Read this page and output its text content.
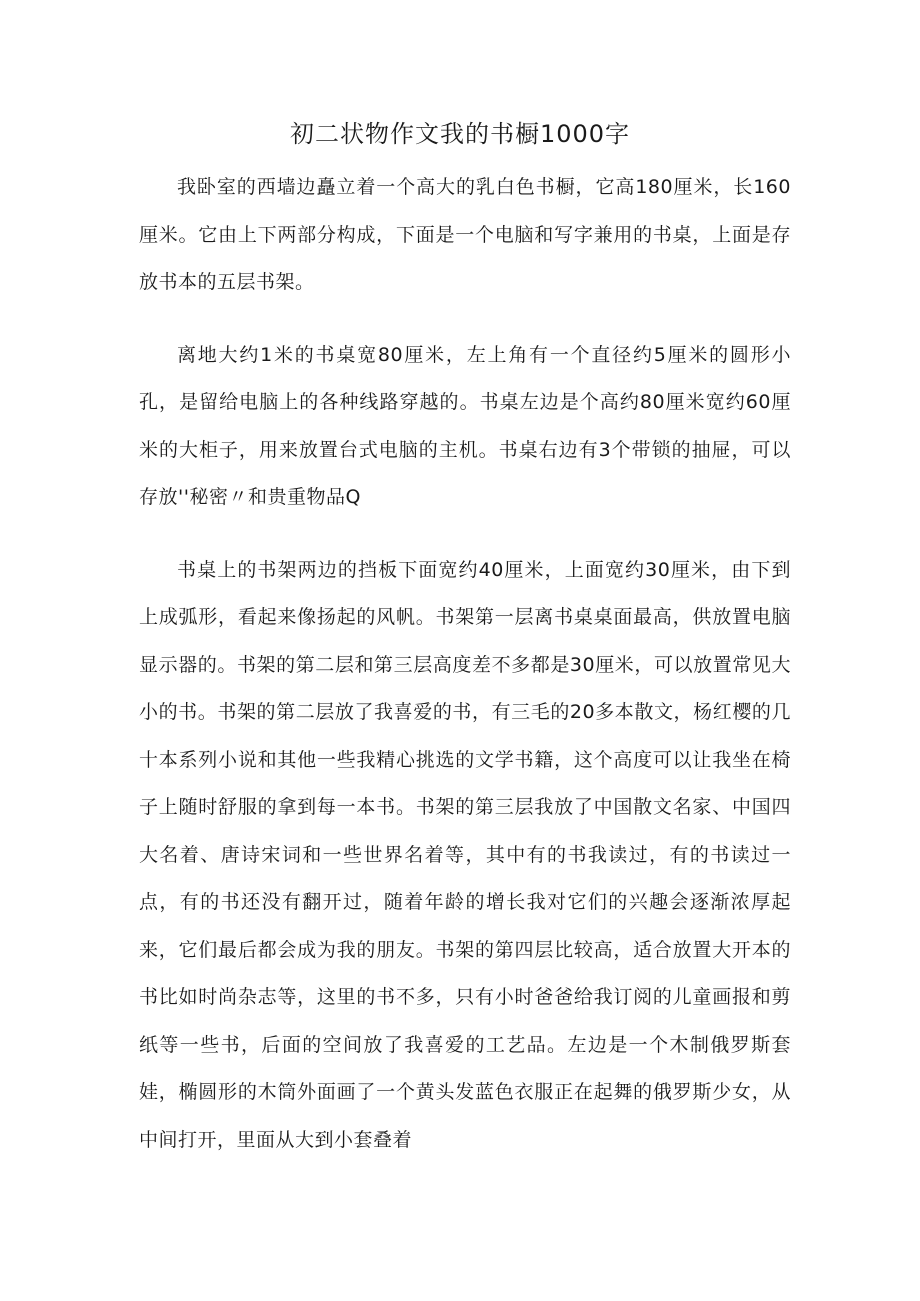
初二状物作文我的书橱1000字

我卧室的西墙边矗立着一个高大的乳白色书橱，它高180厘米，长160厘米。它由上下两部分构成，下面是一个电脑和写字兼用的书桌，上面是存放书本的五层书架。

离地大约1米的书桌宽80厘米，左上角有一个直径约5厘米的圆形小孔，是留给电脑上的各种线路穿越的。书桌左边是个高约80厘米宽约60厘米的大柜子，用来放置台式电脑的主机。书桌右边有3个带锁的抽屉，可以存放''秘密〃和贵重物品Q

书桌上的书架两边的挡板下面宽约40厘米，上面宽约30厘米，由下到上成弧形，看起来像扬起的风帆。书架第一层离书桌桌面最高，供放置电脑显示器的。书架的第二层和第三层高度差不多都是30厘米，可以放置常见大小的书。书架的第二层放了我喜爱的书，有三毛的20多本散文，杨红樱的几十本系列小说和其他一些我精心挑选的文学书籍，这个高度可以让我坐在椅子上随时舒服的拿到每一本书。书架的第三层我放了中国散文名家、中国四大名着、唐诗宋词和一些世界名着等，其中有的书我读过，有的书读过一点，有的书还没有翻开过，随着年龄的增长我对它们的兴趣会逐渐浓厚起来，它们最后都会成为我的朋友。书架的第四层比较高，适合放置大开本的书比如时尚杂志等，这里的书不多，只有小时爸爸给我订阅的儿童画报和剪纸等一些书，后面的空间放了我喜爱的工艺品。左边是一个木制俄罗斯套娃，椭圆形的木筒外面画了一个黄头发蓝色衣服正在起舞的俄罗斯少女，从中间打开，里面从大到小套叠着
